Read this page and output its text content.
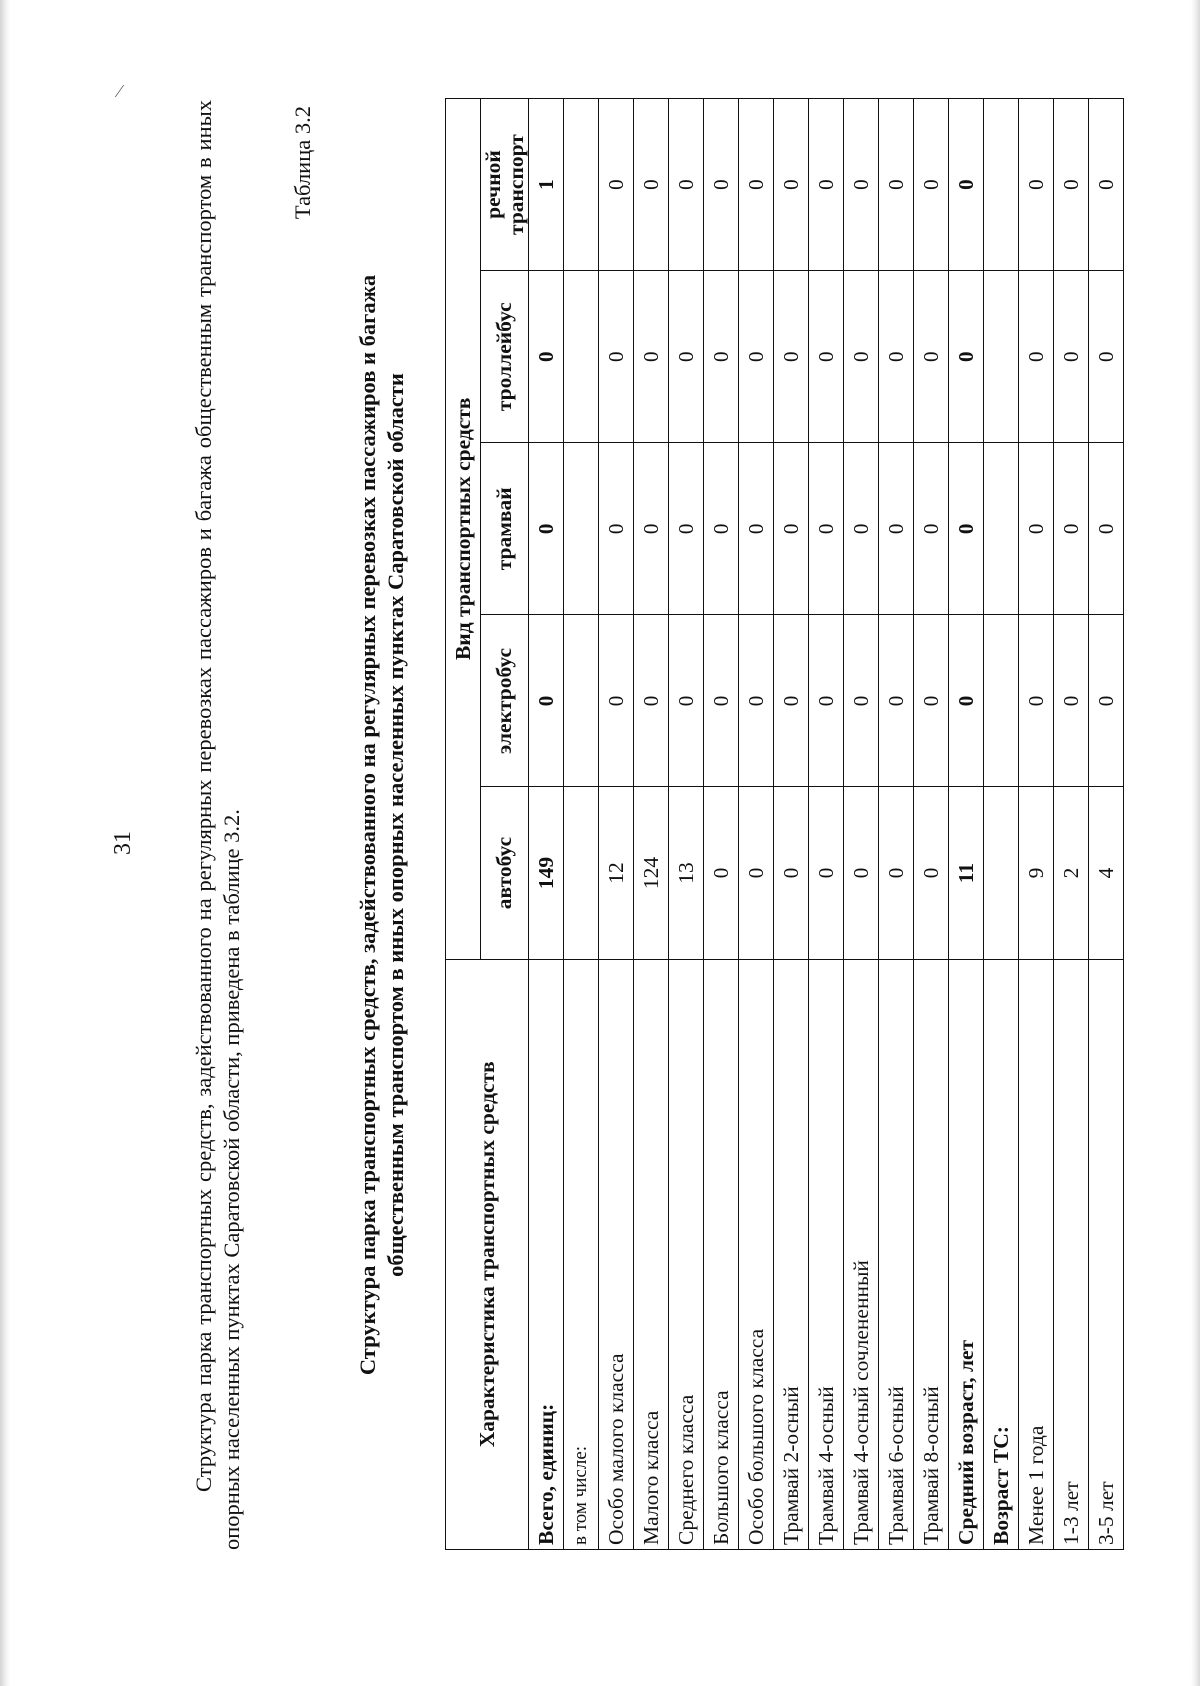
⁄
31 Структура парка транспортных средств, задействованного на регулярных перевозках пассажиров и багажа общественным транспортом в иных опорных населенных пунктах Саратовской области, приведена в таблице 3.2.

Таблица 3.2
Структура парка транспортных средств, задействованного на регулярных перевозках пассажиров и багажа общественным транспортом в иных опорных населенных пунктах Саратовской области	Характеристика транспортных средств	Вид транспортных средств				
	автобус	электробус	трамвай	троллейбус	речной транспорт
Всего, единиц:	149	0	0	0	1
в том числе:					
Особо малого класса	12	0	0	0	0
Малого класса	124	0	0	0	0
Среднего класса	13	0	0	0	0
Большого класса	0	0	0	0	0
Особо большого класса	0	0	0	0	0
Трамвай 2-осный	0	0	0	0	0
Трамвай 4-осный	0	0	0	0	0
Трамвай 4-осный сочлененный	0	0	0	0	0
Трамвай 6-осный	0	0	0	0	0
Трамвай 8-осный	0	0	0	0	0
Средний возраст, лет	11	0	0	0	0
Возраст ТС:					
Менее 1 года	9	0	0	0	0
1-3 лет	2	0	0	0	0
3-5 лет	4	0	0	0	0
